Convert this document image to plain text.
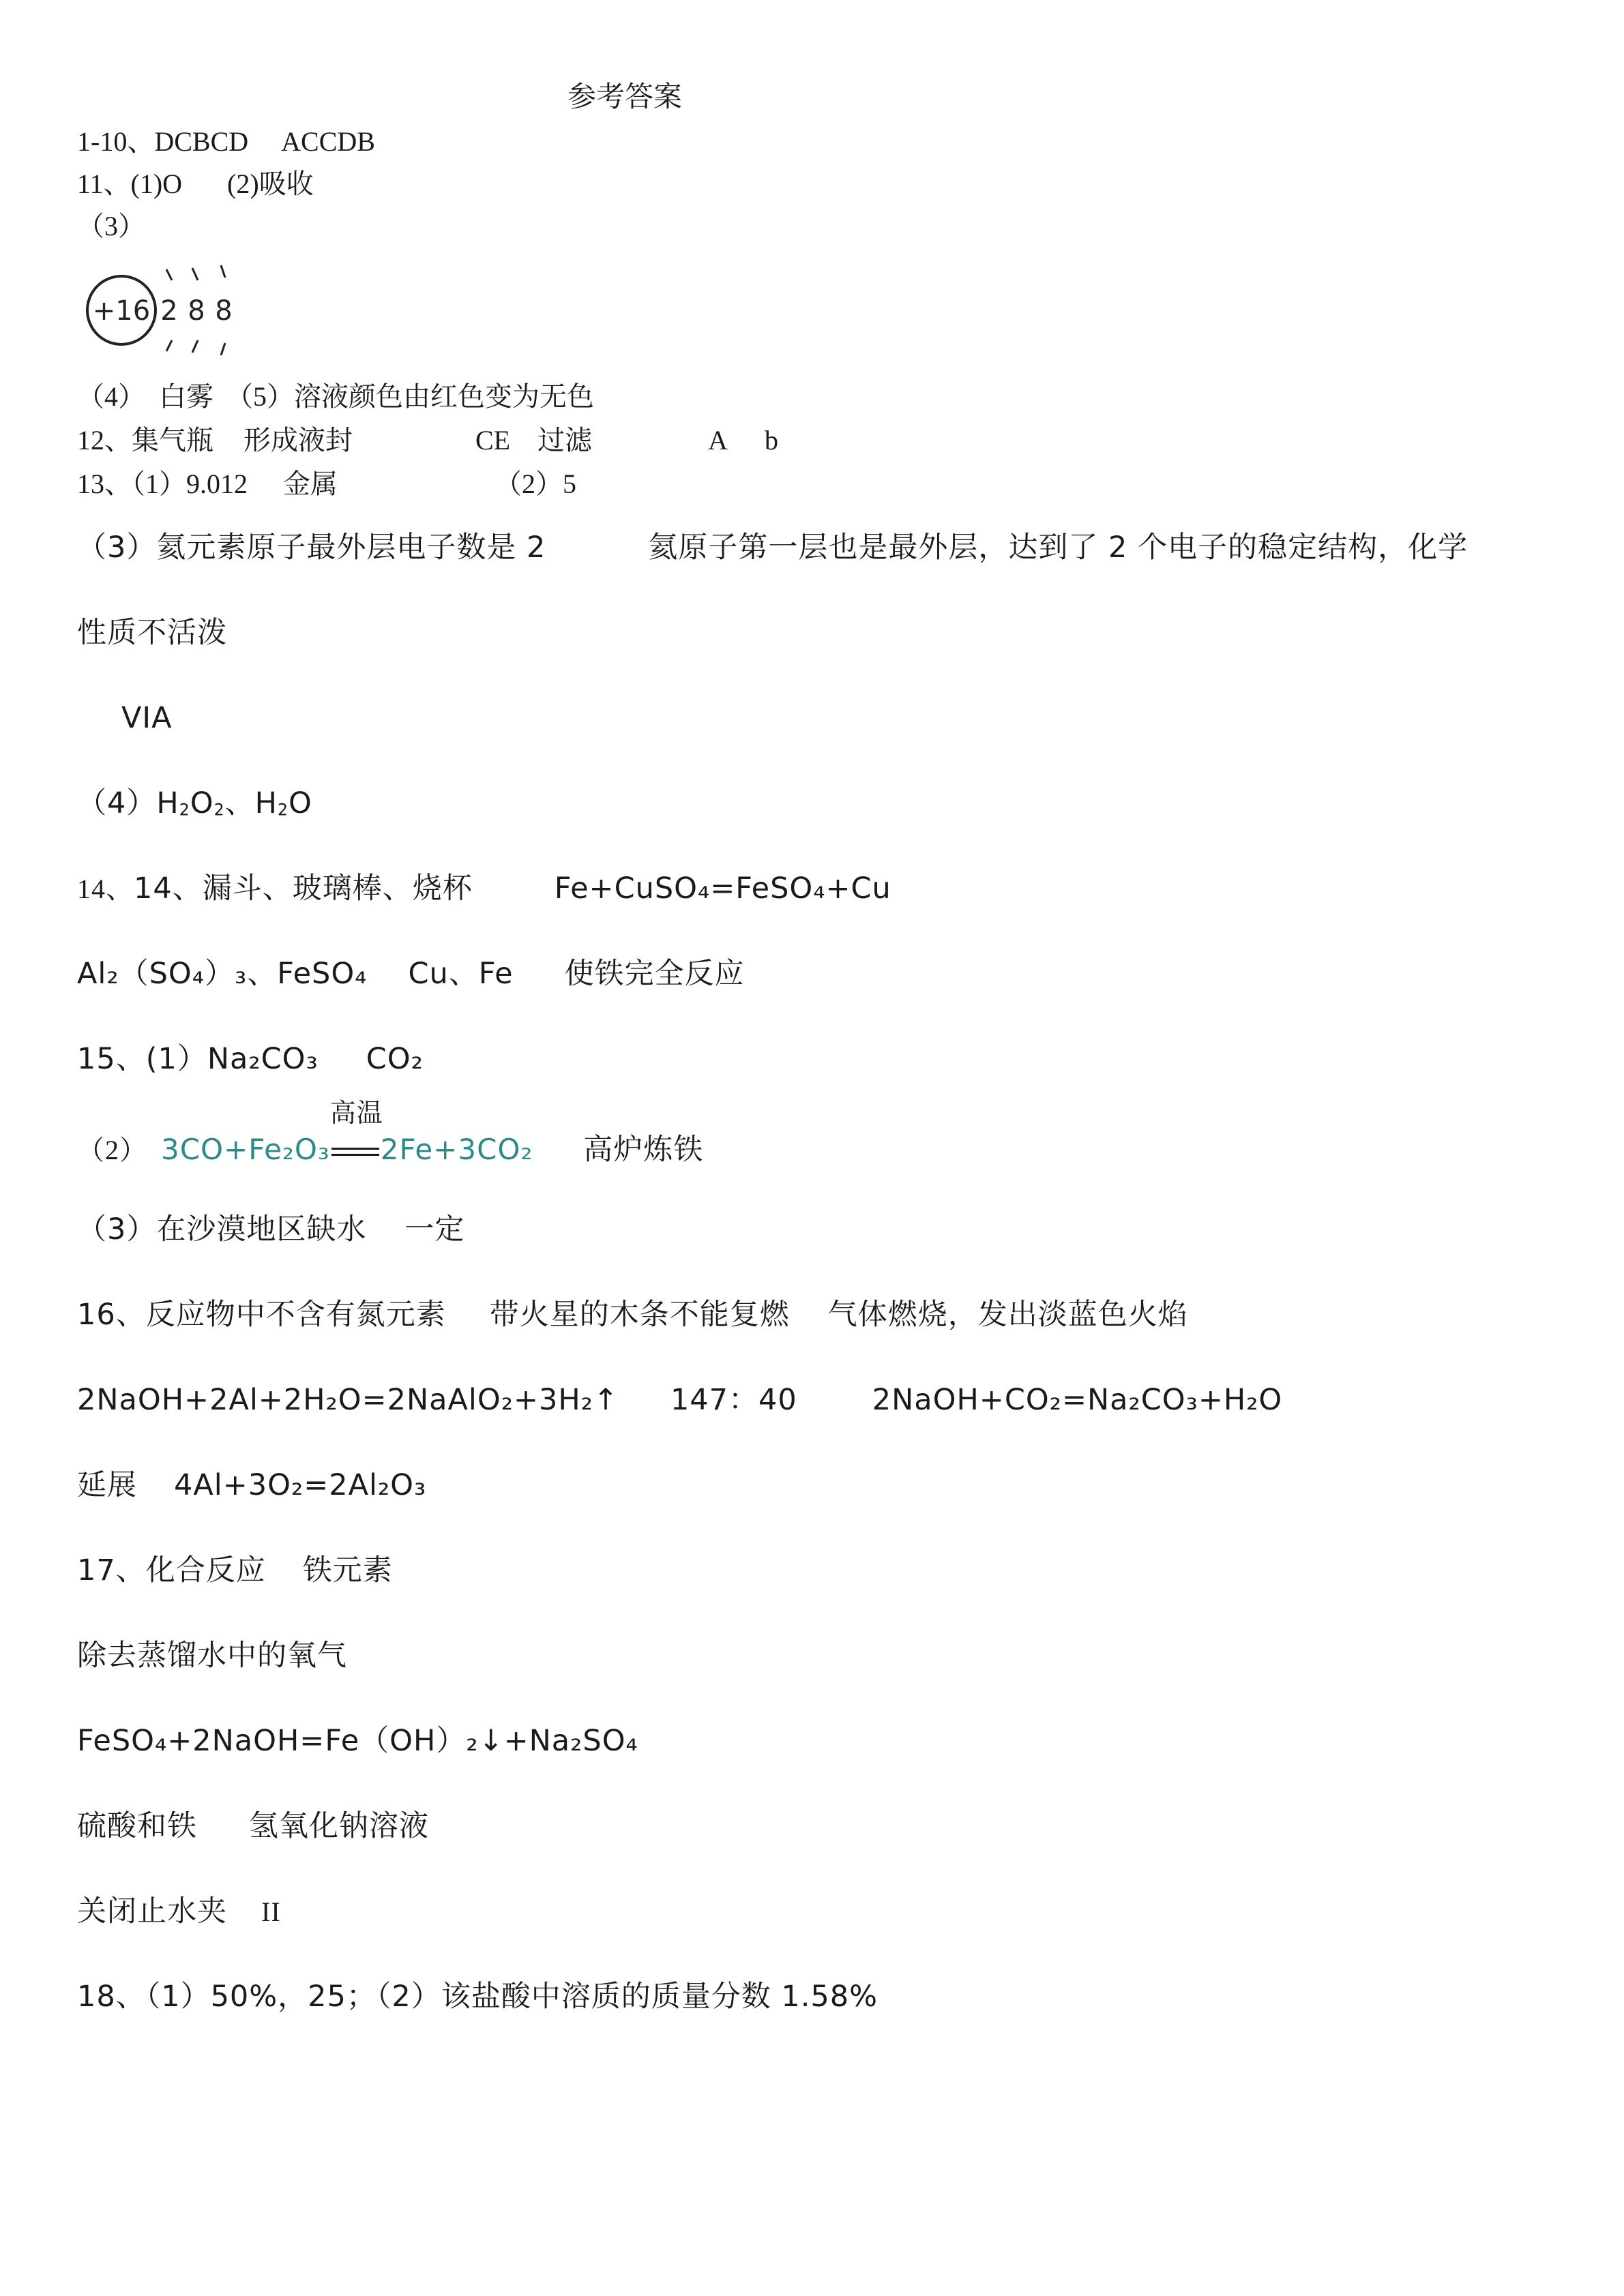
参考答案
1-10、DCBCD ACCDB
11、(1)O (2)吸收
（3）
+16 2 8 8
（4）  白雾 （5）溶液颜色由红色变为无色
12、集气瓶 形成液封	CE 过滤	A b
13、（1）9.012 金属	（2）5
（3）氦元素原子最外层电子数是 2	氦原子第一层也是最外层，达到了 2 个电子的稳定结构，化学
性质不活泼
VIA
$(4)H_2O_2$、$H_2O$
14、14、漏斗、玻璃棒、烧杯	Fe+CuSO₄=FeSO₄+Cu
Al₂（SO₄）₃、FeSO₄ Cu、Fe 使铁完全反应
15、(1）Na₂CO₃ CO₂
（2） 3CO+Fe₂O₃
高温
2Fe+3CO₂ 高炉炼铁
（3）在沙漠地区缺水 一定
16、反应物中不含有氮元素 带火星的木条不能复燃 气体燃烧，发出淡蓝色火焰
2NaOH+2Al+2H₂O=2NaAlO₂+3H₂↑ 147：40	2NaOH+CO₂=Na₂CO₃+H₂O
延展 4Al+3O₂=2Al₂O₃
17、化合反应 铁元素
除去蒸馏水中的氧气
FeSO₄+2NaOH=Fe（OH）₂↓+Na₂SO₄
硫酸和铁 氢氧化钠溶液
关闭止水夹 II
18、（1）50%，25；（2）该盐酸中溶质的质量分数 1.58%
